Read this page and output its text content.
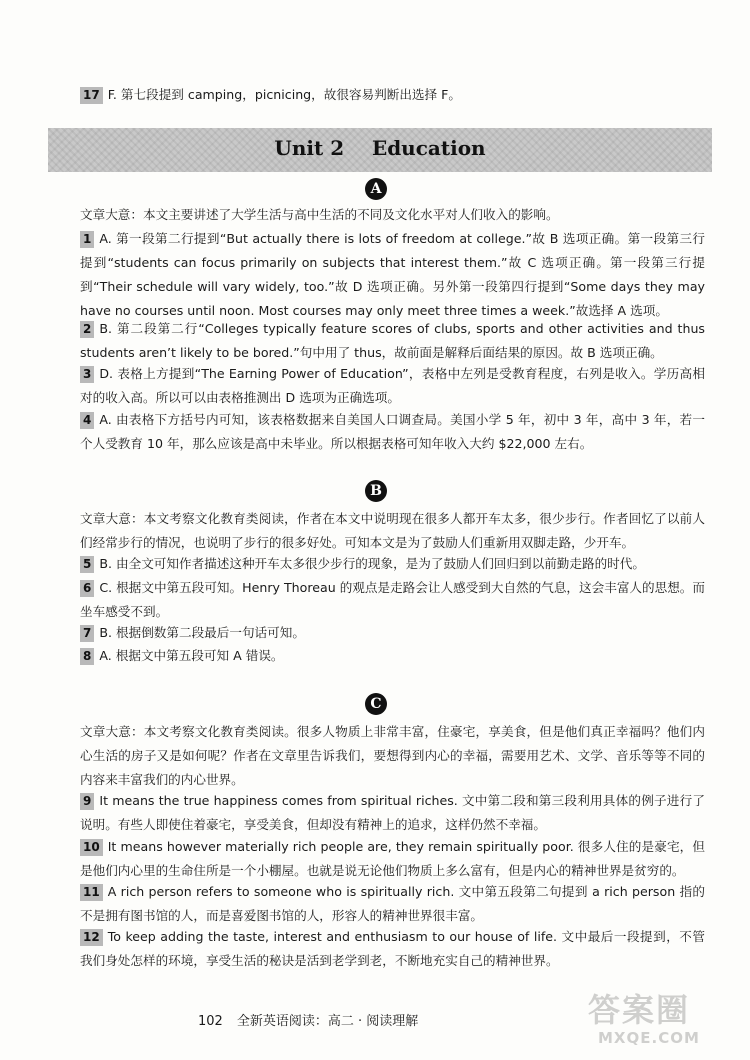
17 F. 第七段提到 camping，picnicing，故很容易判断出选择 F。
Unit 2    Education
A
文章大意：本文主要讲述了大学生活与高中生活的不同及文化水平对人们收入的影响。
1 A. 第一段第二行提到“But actually there is lots of freedom at college.”故 B 选项正确。第一段第三行提到“students can focus primarily on subjects that interest them.”故 C 选项正确。第一段第三行提到“Their schedule will vary widely, too.”故 D 选项正确。另外第一段第四行提到“Some days they may have no courses until noon. Most courses may only meet three times a week.”故选择 A 选项。
2 B. 第二段第二行“Colleges typically feature scores of clubs, sports and other activities and thus students aren’t likely to be bored.”句中用了 thus，故前面是解释后面结果的原因。故 B 选项正确。
3 D. 表格上方提到“The Earning Power of Education”，表格中左列是受教育程度，右列是收入。学历高相对的收入高。所以可以由表格推测出 D 选项为正确选项。
4 A. 由表格下方括号内可知，该表格数据来自美国人口调查局。美国小学 5 年，初中 3 年，高中 3 年，若一个人受教育 10 年，那么应该是高中未毕业。所以根据表格可知年收入大约 $22,000 左右。
B
文章大意：本文考察文化教育类阅读，作者在本文中说明现在很多人都开车太多，很少步行。作者回忆了以前人们经常步行的情况，也说明了步行的很多好处。可知本文是为了鼓励人们重新用双脚走路，少开车。
5 B. 由全文可知作者描述这种开车太多很少步行的现象，是为了鼓励人们回归到以前勤走路的时代。
6 C. 根据文中第五段可知。Henry Thoreau 的观点是走路会让人感受到大自然的气息，这会丰富人的思想。而坐车感受不到。
7 B. 根据倒数第二段最后一句话可知。
8 A. 根据文中第五段可知 A 错误。
C
文章大意：本文考察文化教育类阅读。很多人物质上非常丰富，住豪宅，享美食，但是他们真正幸福吗？他们内心生活的房子又是如何呢？作者在文章里告诉我们，要想得到内心的幸福，需要用艺术、文学、音乐等等不同的内容来丰富我们的内心世界。
9 It means the true happiness comes from spiritual riches. 文中第二段和第三段利用具体的例子进行了说明。有些人即使住着豪宅，享受美食，但却没有精神上的追求，这样仍然不幸福。
10 It means however materially rich people are, they remain spiritually poor. 很多人住的是豪宅，但是他们内心里的生命住所是一个小棚屋。也就是说无论他们物质上多么富有，但是内心的精神世界是贫穷的。
11 A rich person refers to someone who is spiritually rich. 文中第五段第二句提到 a rich person 指的不是拥有图书馆的人，而是喜爱图书馆的人，形容人的精神世界很丰富。
12 To keep adding the taste, interest and enthusiasm to our house of life. 文中最后一段提到，不管我们身处怎样的环境，享受生活的秘诀是活到老学到老，不断地充实自己的精神世界。
102 全新英语阅读：高二 · 阅读理解	答案圈
MXQE.COM
